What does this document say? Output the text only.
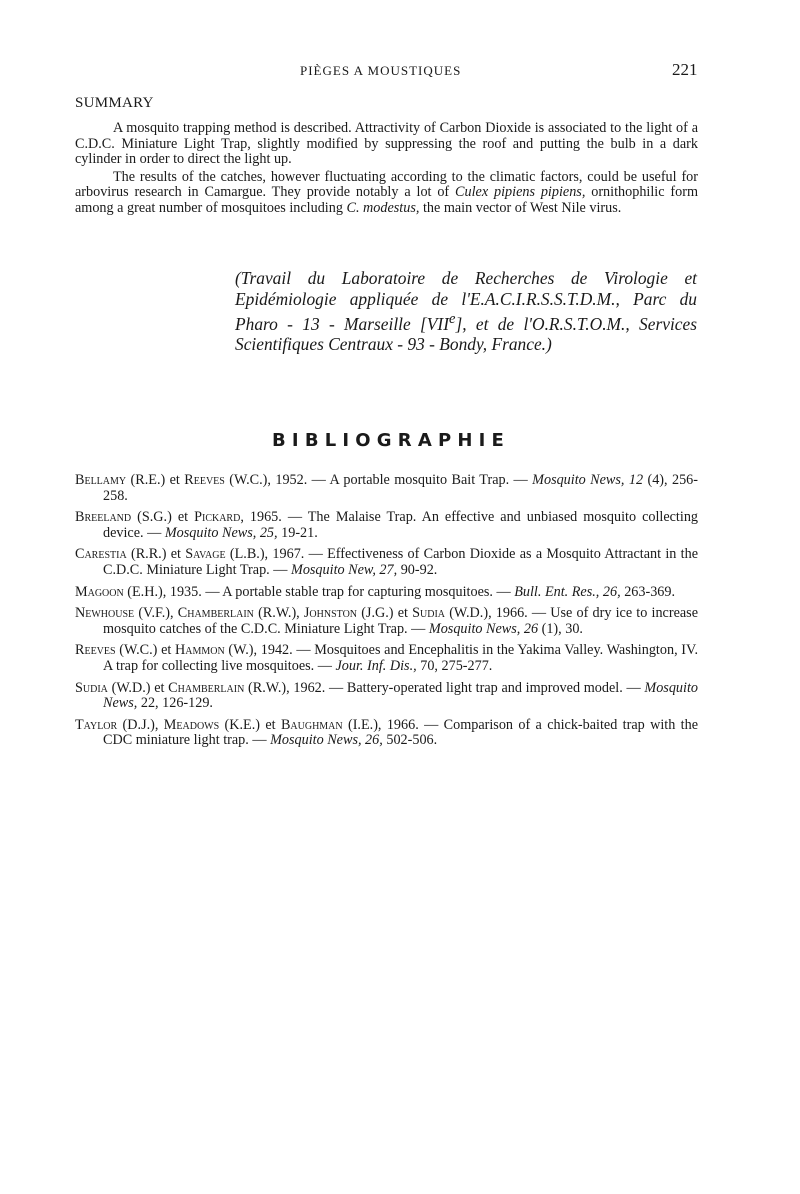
PIÈGES A MOUSTIQUES	221
SUMMARY

A mosquito trapping method is described. Attractivity of Carbon Dioxide is associated to the light of a C.D.C. Miniature Light Trap, slightly modified by suppressing the roof and putting the bulb in a dark cylinder in order to direct the light up.

The results of the catches, however fluctuating according to the climatic factors, could be useful for arbovirus research in Camargue. They provide notably a lot of Culex pipiens pipiens, ornithophilic form among a great number of mosquitoes including C. modestus, the main vector of West Nile virus.

(Travail du Laboratoire de Recherches de Virologie et Epidémiologie appliquée de l'E.A.C.I.R.S.S.T.D.M., Parc du Pharo - 13 - Marseille [VIIe], et de l'O.R.S.T.O.M., Services Scientifiques Centraux - 93 - Bondy, France.)
BIBLIOGRAPHIE

Bellamy (R.E.) et Reeves (W.C.), 1952. — A portable mosquito Bait Trap. — Mosquito News, 12 (4), 256-258.

Breeland (S.G.) et Pickard, 1965. — The Malaise Trap. An effective and unbiased mosquito collecting device. — Mosquito News, 25, 19-21.

Carestia (R.R.) et Savage (L.B.), 1967. — Effectiveness of Carbon Dioxide as a Mosquito Attractant in the C.D.C. Miniature Light Trap. — Mosquito New, 27, 90-92.

Magoon (E.H.), 1935. — A portable stable trap for capturing mosquitoes. — Bull. Ent. Res., 26, 263-369.

Newhouse (V.F.), Chamberlain (R.W.), Johnston (J.G.) et Sudia (W.D.), 1966. — Use of dry ice to increase mosquito catches of the C.D.C. Miniature Light Trap. — Mosquito News, 26 (1), 30.

Reeves (W.C.) et Hammon (W.), 1942. — Mosquitoes and Encephalitis in the Yakima Valley. Washington, IV. A trap for collecting live mosquitoes. — Jour. Inf. Dis., 70, 275-277.

Sudia (W.D.) et Chamberlain (R.W.), 1962. — Battery-operated light trap and improved model. — Mosquito News, 22, 126-129.

Taylor (D.J.), Meadows (K.E.) et Baughman (I.E.), 1966. — Comparison of a chick-baited trap with the CDC miniature light trap. — Mosquito News, 26, 502-506.
